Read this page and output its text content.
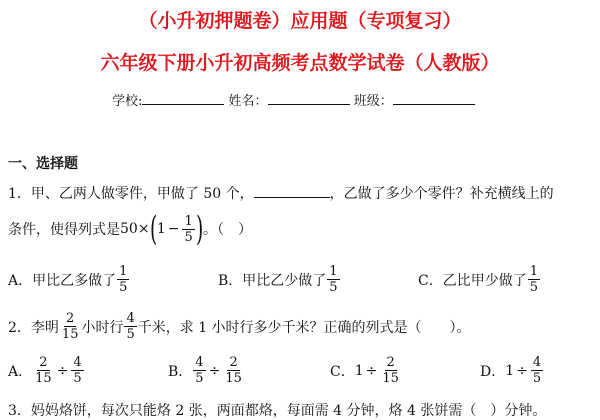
（小升初押题卷）应用题（专项复习）
六年级下册小升初高频考点数学试卷（人教版）
学校:	姓名：	班级：
一、选择题
1．甲、乙两人做零件，甲做了 50 个，	，乙做了多少个零件？补充横线上的
条件，使得列式是 50× ( $1 - \frac{1}{5}$ ) 。（　）
A．甲比乙多做了 $\frac{1}{5}$	B．甲比乙少做了 $\frac{1}{5}$	C．乙比甲少做了 $\frac{1}{5}$
2．李明 $\frac{2}{15}$ 小时行 $\frac{4}{5}$ 千米，求 1 小时行多少千米？正确的列式是（　　）。
A． $\frac{2}{15} \div \frac{4}{5}$	B． $\frac{4}{5} \div \frac{2}{15}$	C． $1 \div \frac{2}{15}$	D． $1 \div \frac{4}{5}$
3．妈妈烙饼，每次只能烙 2 张，两面都烙，每面需 4 分钟，烙 4 张饼需（　）分钟。
